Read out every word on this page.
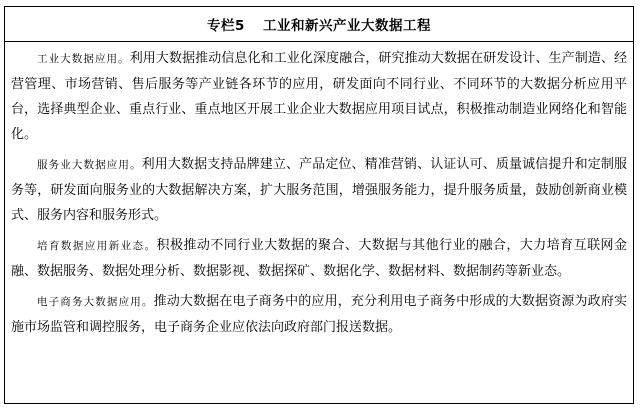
专栏5 工业和新兴产业大数据工程

工业大数据应用。利用大数据推动信息化和工业化深度融合，研究推动大数据在研发设计、生产制造、经营管理、市场营销、售后服务等产业链各环节的应用，研发面向不同行业、不同环节的大数据分析应用平台，选择典型企业、重点行业、重点地区开展工业企业大数据应用项目试点，积极推动制造业网络化和智能化。

服务业大数据应用。利用大数据支持品牌建立、产品定位、精准营销、认证认可、质量诚信提升和定制服务等，研发面向服务业的大数据解决方案，扩大服务范围，增强服务能力，提升服务质量，鼓励创新商业模式、服务内容和服务形式。

培育数据应用新业态。积极推动不同行业大数据的聚合、大数据与其他行业的融合，大力培育互联网金融、数据服务、数据处理分析、数据影视、数据探矿、数据化学、数据材料、数据制药等新业态。

电子商务大数据应用。推动大数据在电子商务中的应用，充分利用电子商务中形成的大数据资源为政府实施市场监管和调控服务，电子商务企业应依法向政府部门报送数据。
